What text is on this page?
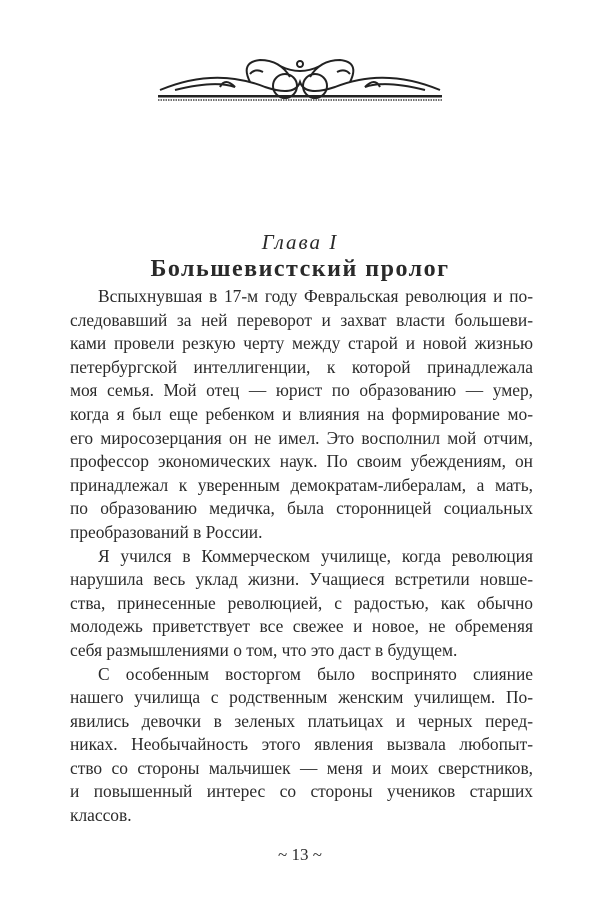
Глава I
Большевистский пролог
Вспыхнувшая в 17-м году Февральская революция и по-
следовавший за ней переворот и захват власти большеви-
ками провели резкую черту между старой и новой жизнью
петербургской интеллигенции, к которой принадлежала
моя семья. Мой отец — юрист по образованию — умер,
когда я был еще ребенком и влияния на формирование мо-
его миросозерцания он не имел. Это восполнил мой отчим,
профессор экономических наук. По своим убеждениям, он
принадлежал к уверенным демократам-либералам, а мать,
по образованию медичка, была сторонницей социальных
преобразований в России.
Я учился в Коммерческом училище, когда революция
нарушила весь уклад жизни. Учащиеся встретили новше-
ства, принесенные революцией, с радостью, как обычно
молодежь приветствует все свежее и новое, не обременяя
себя размышлениями о том, что это даст в будущем.
С особенным восторгом было воспринято слияние
нашего училища с родственным женским училищем. По-
явились девочки в зеленых платьицах и черных перед-
никах. Необычайность этого явления вызвала любопыт-
ство со стороны мальчишек — меня и моих сверстников,
и повышенный интерес со стороны учеников старших
классов.
~ 13 ~
